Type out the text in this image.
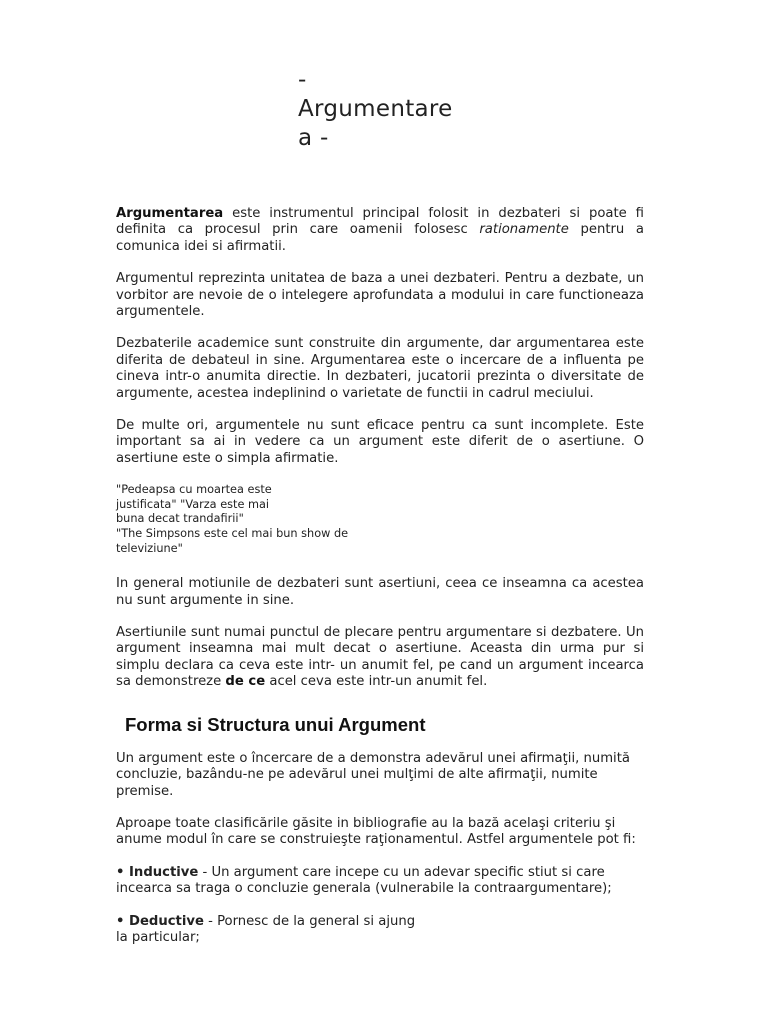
-
Argumentare
a -

Argumentarea este instrumentul principal folosit in dezbateri si poate fi definita ca procesul prin care oamenii folosesc rationamente pentru a comunica idei si afirmatii.

Argumentul reprezinta unitatea de baza a unei dezbateri. Pentru a dezbate, un vorbitor are nevoie de o intelegere aprofundata a modului in care functioneaza argumentele.

Dezbaterile academice sunt construite din argumente, dar argumentarea este diferita de debateul in sine. Argumentarea este o incercare de a influenta pe cineva intr-o anumita directie. In dezbateri, jucatorii prezinta o diversitate de argumente, acestea indeplinind o varietate de functii in cadrul meciului.

De multe ori, argumentele nu sunt eficace pentru ca sunt incomplete. Este important sa ai in vedere ca un argument este diferit de o asertiune. O asertiune este o simpla afirmatie.

"Pedeapsa cu moartea este
justificata" "Varza este mai
buna decat trandafirii"
"The Simpsons este cel mai bun show de
televiziune"

In general motiunile de dezbateri sunt asertiuni, ceea ce inseamna ca acestea nu sunt argumente in sine.

Asertiunile sunt numai punctul de plecare pentru argumentare si dezbatere. Un argument inseamna mai mult decat o asertiune. Aceasta din urma pur si simplu declara ca ceva este intr- un anumit fel, pe cand un argument incearca sa demonstreze de ce acel ceva este intr-un anumit fel.

Forma si Structura unui Argument

Un argument este o încercare de a demonstra adevărul unei afirmaţii, numită concluzie, bazându-ne pe adevărul unei mulţimi de alte afirmaţii, numite premise.

Aproape toate clasificările găsite in bibliografie au la bază acelaşi criteriu şi anume modul în care se construieşte raţionamentul. Astfel argumentele pot fi:

• Inductive - Un argument care incepe cu un adevar specific stiut si care incearca sa traga o concluzie generala (vulnerabile la contraargumentare);

• Deductive - Pornesc de la general si ajung
la particular;
